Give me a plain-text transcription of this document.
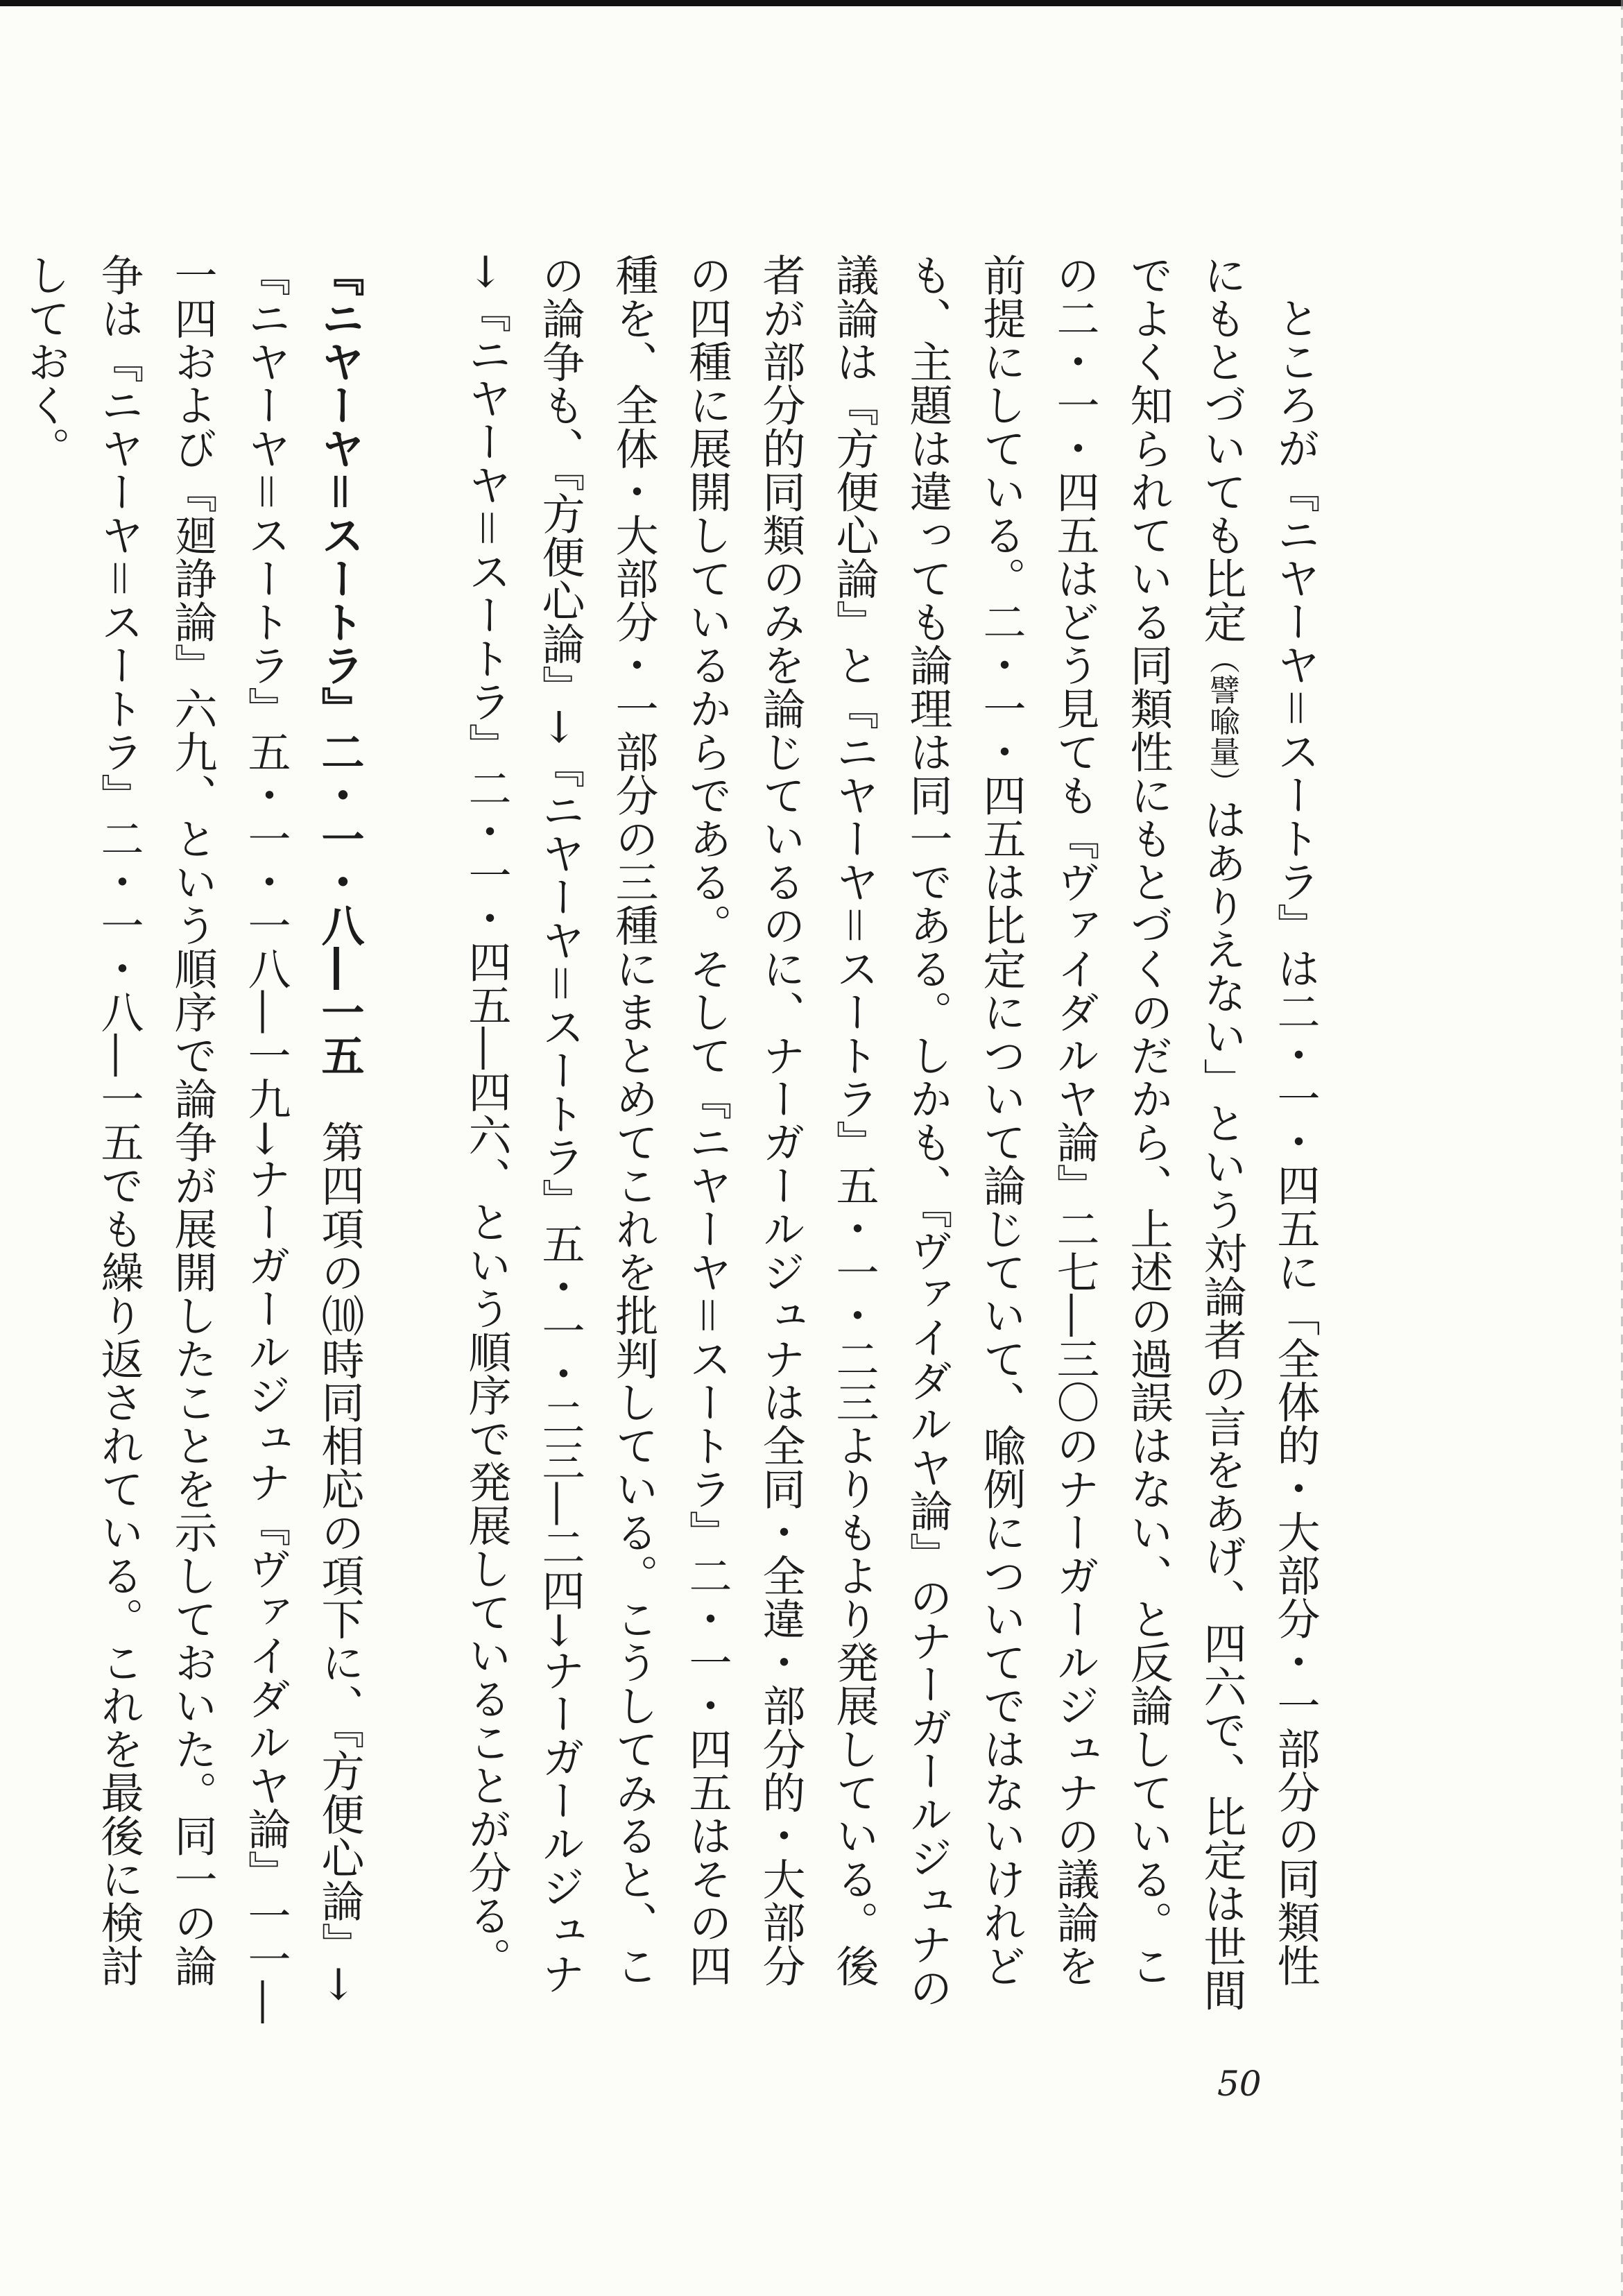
ところが『ニヤーヤ＝スートラ』は二・一・四五に「全体的・大部分・一部分の同類性にもとづいても比定（譬喩量）はありえない」という対論者の言をあげ、四六で、比定は世間でよく知られている同類性にもとづくのだから、上述の過誤はない、と反論している。この二・一・四五はどう見ても『ヴァイダルヤ論』二七―三〇のナーガールジュナの議論を前提にしている。二・一・四五は比定について論じていて、喩例についてではないけれども、主題は違っても論理は同一である。しかも、『ヴァイダルヤ論』のナーガールジュナの議論は『方便心論』と『ニヤーヤ＝スートラ』五・一・二三よりもより発展している。後者が部分的同類のみを論じているのに、ナーガールジュナは全同・全違・部分的・大部分の四種に展開しているからである。そして『ニヤーヤ＝スートラ』二・一・四五はその四種を、全体・大部分・一部分の三種にまとめてこれを批判している。こうしてみると、この論争も、『方便心論』→『ニヤーヤ＝スートラ』五・一・二三―二四→ナーガールジュナ→『ニヤーヤ＝スートラ』二・一・四五―四六、という順序で発展していることが分る。

『ニヤーヤ＝スートラ』二・一・八―一五　第四項の⑽時同相応の項下に、『方便心論』→『ニヤーヤ＝スートラ』五・一・一八―一九→ナーガールジュナ『ヴァイダルヤ論』一一―一四および『廻諍論』六九、という順序で論争が展開したことを示しておいた。同一の論争は『ニヤーヤ＝スートラ』二・一・八―一五でも繰り返されている。これを最後に検討しておく。

50
